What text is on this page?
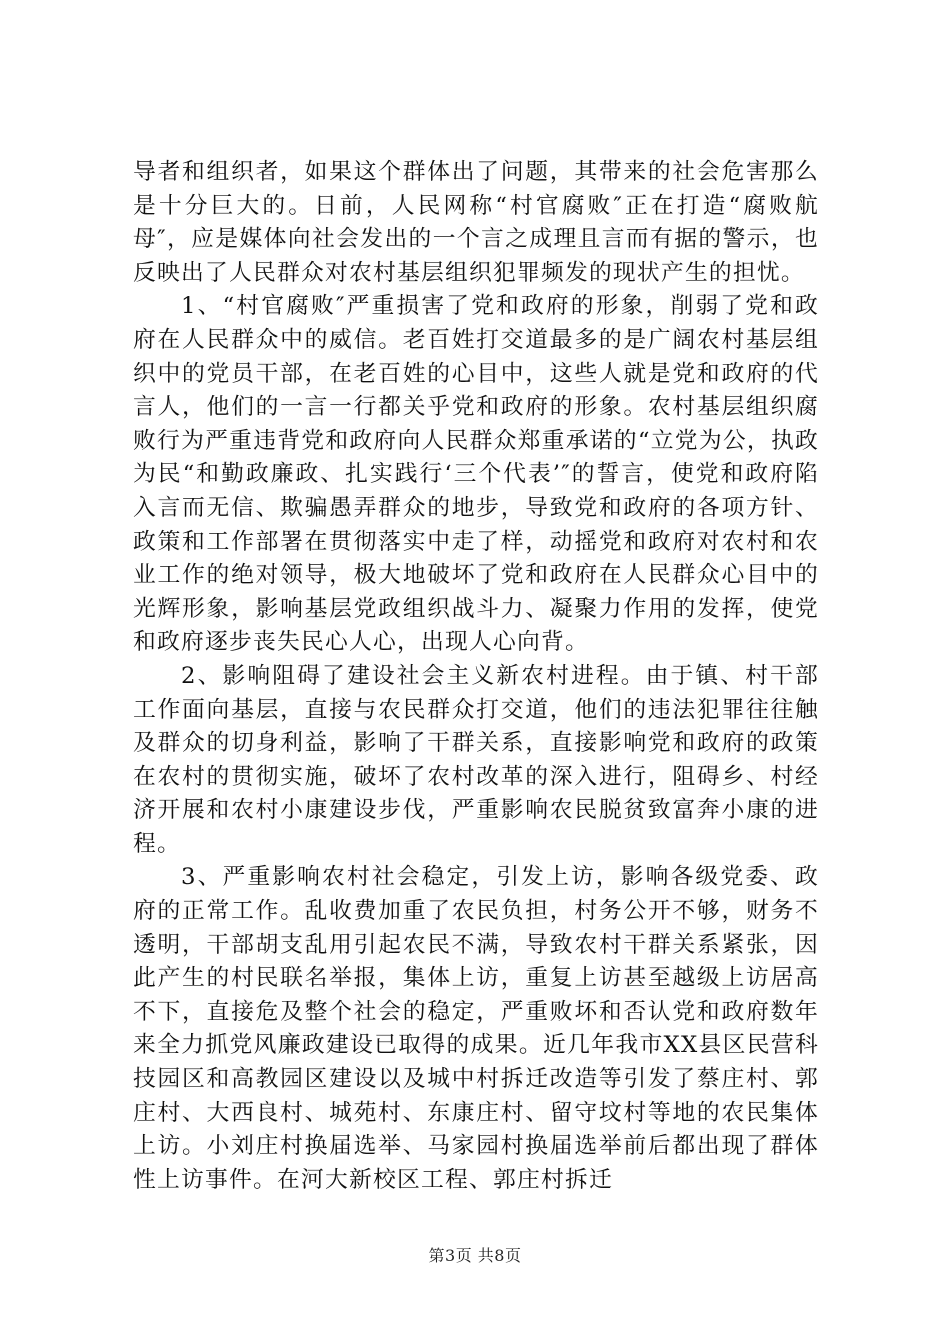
导者和组织者，如果这个群体出了问题，其带来的社会危害那么是十分巨大的。日前，人民网称“村官腐败″正在打造“腐败航母″，应是媒体向社会发出的一个言之成理且言而有据的警示，也反映出了人民群众对农村基层组织犯罪频发的现状产生的担忧。

1、“村官腐败″严重损害了党和政府的形象，削弱了党和政府在人民群众中的威信。老百姓打交道最多的是广阔农村基层组织中的党员干部，在老百姓的心目中，这些人就是党和政府的代言人，他们的一言一行都关乎党和政府的形象。农村基层组织腐败行为严重违背党和政府向人民群众郑重承诺的“立党为公，执政为民“和勤政廉政、扎实践行‘三个代表’″的誓言，使党和政府陷入言而无信、欺骗愚弄群众的地步，导致党和政府的各项方针、政策和工作部署在贯彻落实中走了样，动摇党和政府对农村和农业工作的绝对领导，极大地破坏了党和政府在人民群众心目中的光辉形象，影响基层党政组织战斗力、凝聚力作用的发挥，使党和政府逐步丧失民心人心，出现人心向背。

2、影响阻碍了建设社会主义新农村进程。由于镇、村干部工作面向基层，直接与农民群众打交道，他们的违法犯罪往往触及群众的切身利益，影响了干群关系，直接影响党和政府的政策在农村的贯彻实施，破坏了农村改革的深入进行，阻碍乡、村经济开展和农村小康建设步伐，严重影响农民脱贫致富奔小康的进程。

3、严重影响农村社会稳定，引发上访，影响各级党委、政府的正常工作。乱收费加重了农民负担，村务公开不够，财务不透明，干部胡支乱用引起农民不满，导致农村干群关系紧张，因此产生的村民联名举报，集体上访，重复上访甚至越级上访居高不下，直接危及整个社会的稳定，严重败坏和否认党和政府数年来全力抓党风廉政建设已取得的成果。近几年我市XX县区民营科技园区和高教园区建设以及城中村拆迁改造等引发了蔡庄村、郭庄村、大西良村、城苑村、东康庄村、留守坟村等地的农民集体上访。小刘庄村换届选举、马家园村换届选举前后都出现了群体性上访事件。在河大新校区工程、郭庄村拆迁

第3页 共8页
